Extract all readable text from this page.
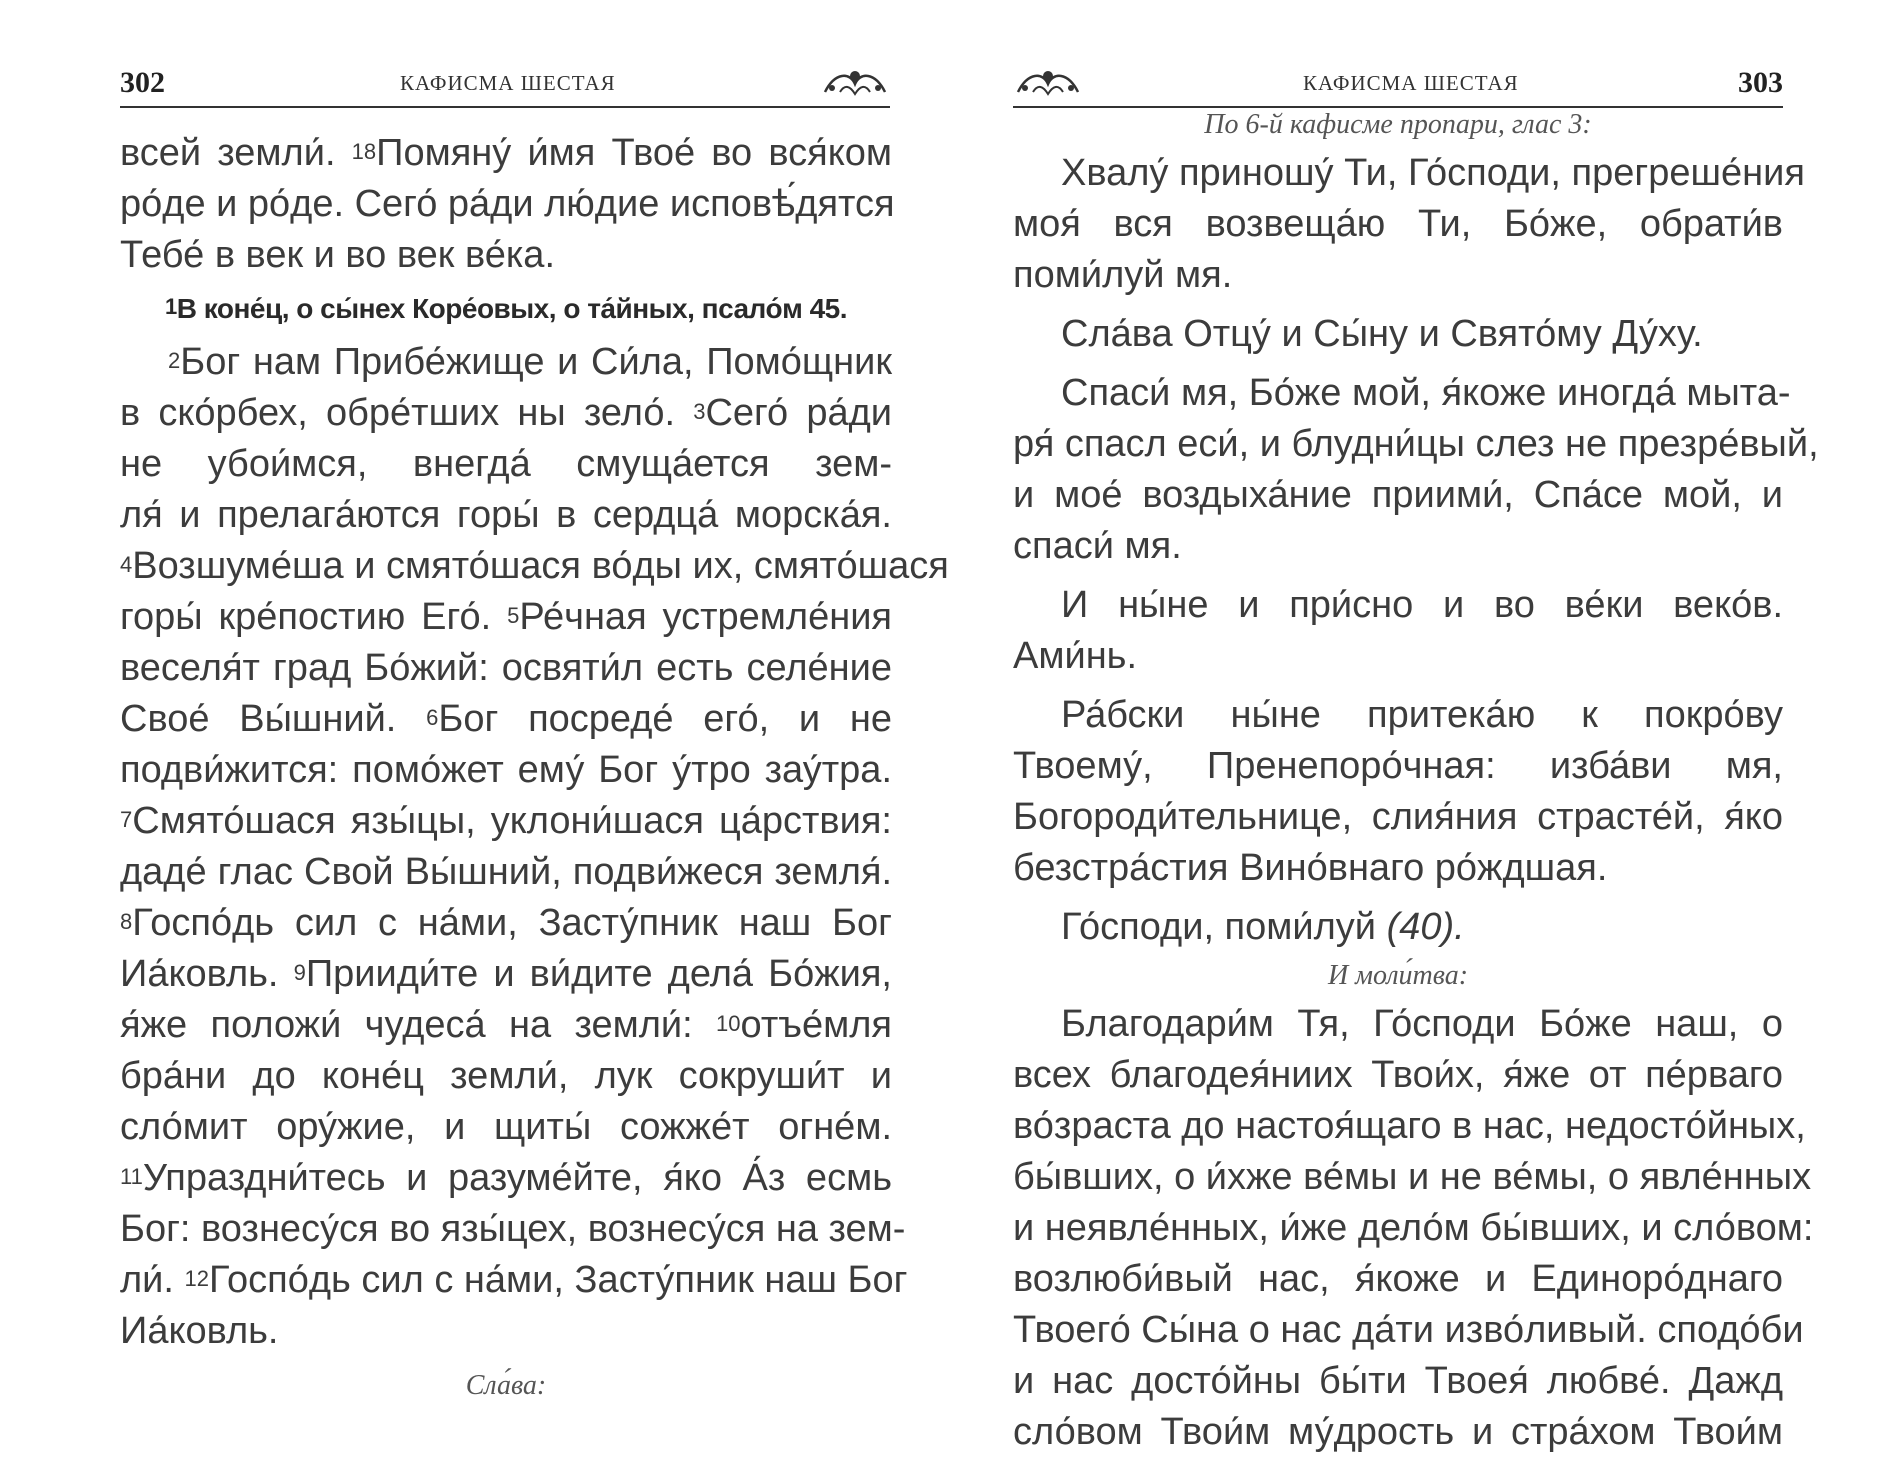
302	КАФИСМА ШЕСТАЯ
всей земли́. $^{18}$Помяну́ и́мя Твое́ во вся́ком
ро́де и ро́де. Сего́ ра́ди лю́дие исповѣ́дятся
Тебе́ в век и во век ве́ка.
$^1$В коне́ц, о сы́нех Коре́овых, о та́йных, псало́м 45.
$^2$Бог нам Прибе́жище и Си́ла, Помо́щник
в ско́рбех, обре́тших ны зело́. $^3$Сего́ ра́ди
не убои́мся, внегда́ смуща́ется зем-
ля́ и прелага́ются горы́ в сердца́ морска́я.
$^4$Возшуме́ша и смято́шася во́ды их, смято́шася
горы́ кре́постию Его́. $^5$Ре́чная устремле́ния
веселя́т град Бо́жий: освяти́л есть селе́ние
Свое́ Вы́шний. $^6$Бог посреде́ его́, и не
подви́жится: помо́жет ему́ Бог у́тро зау́тра.
$^7$Смято́шася язы́цы, уклони́шася ца́рствия:
даде́ глас Свой Вы́шний, подви́жеся земля́.
$^8$Госпо́дь сил с на́ми, Засту́пник наш Бог
Иа́ковль. $^9$Прииди́те и ви́дите дела́ Бо́жия,
я́же положи́ чудеса́ на земли́: $^{10}$отъе́мля
бра́ни до коне́ц земли́, лук сокруши́т и
сло́мит ору́жие, и щиты́ сожже́т огне́м.
$^{11}$Упраздни́тесь и разуме́йте, я́ко А́з есмь
Бог: вознесу́ся во язы́цех, вознесу́ся на зем-
ли́. $^{12}$Госпо́дь сил с на́ми, Засту́пник наш Бог
Иа́ковль.
Сла́ва:
КАФИСМА ШЕСТАЯ	303
По 6-й кафисме пропари, глас 3:
Хвалу́ приношу́ Ти, Го́споди, прегреше́ния
моя́ вся возвеща́ю Ти, Бо́же, обрати́в
поми́луй мя.
Сла́ва Отцу́ и Сы́ну и Свято́му Ду́ху.
Спаси́ мя, Бо́же мой, я́коже иногда́ мыта-
ря́ спасл еси́, и блудни́цы слез не презре́вый,
и мое́ воздыха́ние приими́, Спа́се мой, и
спаси́ мя.
И ны́не и при́сно и во ве́ки веко́в.
Ами́нь.
Ра́бски ны́не притека́ю к покро́ву
Твоему́, Пренепоро́чная: изба́ви мя,
Богороди́тельнице, слия́ния страсте́й, я́ко
безстра́стия Вино́внаго ро́ждшая.
Го́споди, поми́луй (40).
И моли́тва:
Благодари́м Тя, Го́споди Бо́же наш, о
всех благодея́ниих Твои́х, я́же от пе́рваго
во́зраста до настоя́щаго в нас, недосто́йных,
бы́вших, о и́хже ве́мы и не ве́мы, о явле́нных
и неявле́нных, и́же дело́м бы́вших, и сло́вом:
возлюби́вый нас, я́коже и Единоро́днаго
Твоего́ Сы́на о нас да́ти изво́ливый. сподо́би
и нас досто́йны бы́ти Твоея́ любве́. Дажд
сло́вом Твои́м му́дрость и стра́хом Твои́м
